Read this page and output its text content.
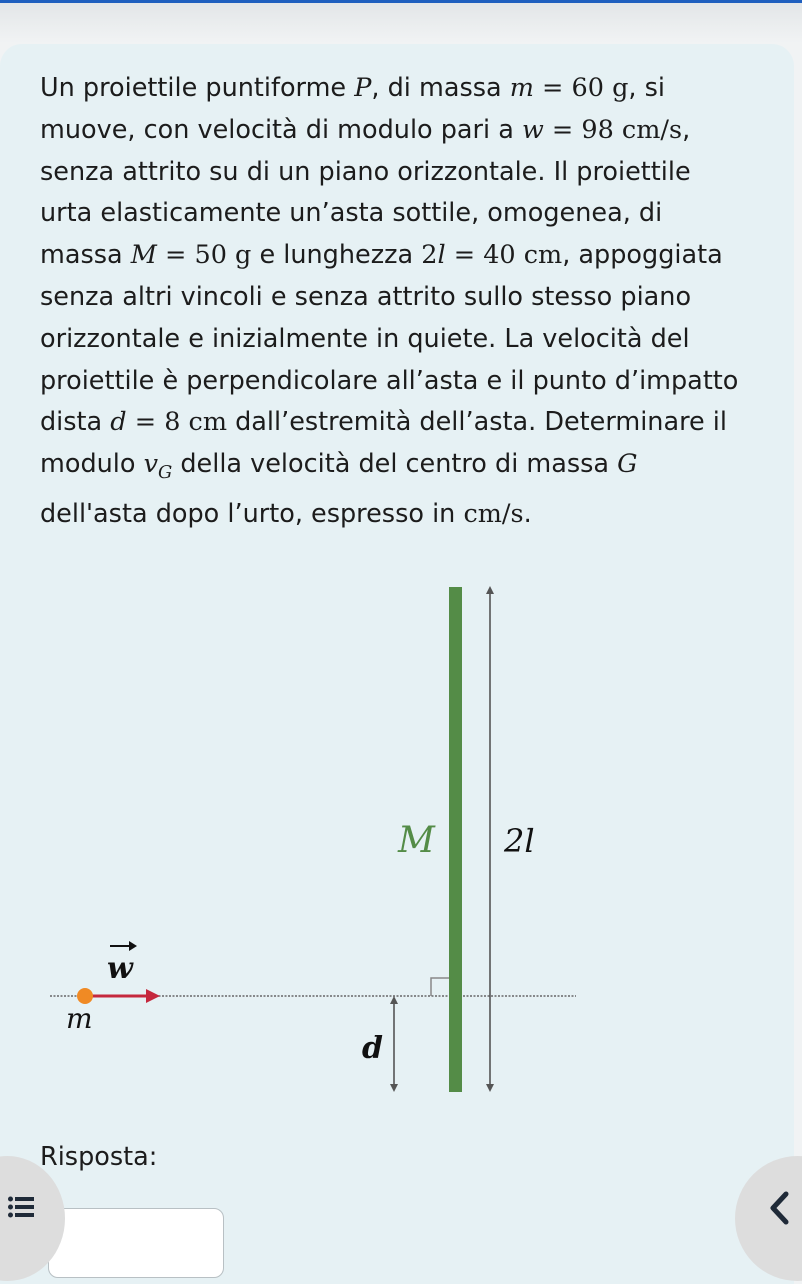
Un proiettile puntiforme P, di massa m = 60 g, si muove, con velocità di modulo pari a w = 98 cm/s, senza attrito su di un piano orizzontale. Il proiettile urta elasticamente un’asta sottile, omogenea, di massa M = 50 g e lunghezza 2l = 40 cm, appoggiata senza altri vincoli e senza attrito sullo stesso piano orizzontale e inizialmente in quiete. La velocità del proiettile è perpendicolare all’asta e il punto d’impatto dista d = 8 cm dall’estremità dell’asta. Determinare il modulo $v_G$ della velocità del centro di massa G dell'asta dopo l’urto, espresso in cm/s.

M 2l
w
m
d
Risposta:
